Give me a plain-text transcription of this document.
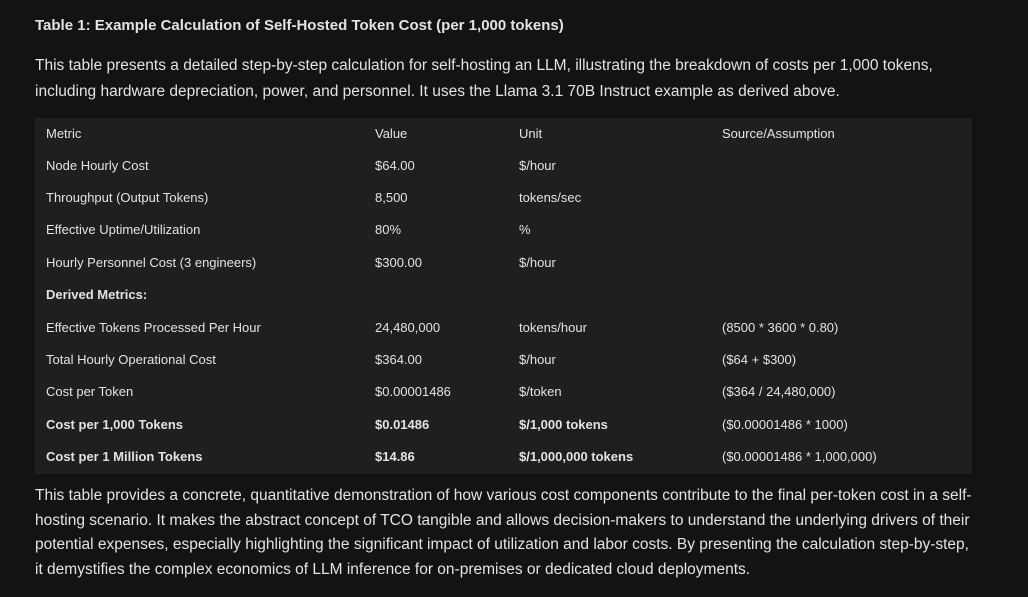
Table 1: Example Calculation of Self-Hosted Token Cost (per 1,000 tokens)

This table presents a detailed step-by-step calculation for self-hosting an LLM, illustrating the breakdown of costs per 1,000 tokens, including hardware depreciation, power, and personnel. It uses the Llama 3.1 70B Instruct example as derived above.

Metric	Value	Unit	Source/Assumption
Node Hourly Cost	$64.00	$/hour	
Throughput (Output Tokens)	8,500	tokens/sec	
Effective Uptime/Utilization	80%	%	
Hourly Personnel Cost (3 engineers)	$300.00	$/hour	
Derived Metrics:			
Effective Tokens Processed Per Hour	24,480,000	tokens/hour	(8500 * 3600 * 0.80)
Total Hourly Operational Cost	$364.00	$/hour	($64 + $300)
Cost per Token	$0.00001486	$/token	($364 / 24,480,000)
Cost per 1,000 Tokens	$0.01486	$/1,000 tokens	($0.00001486 * 1000)
Cost per 1 Million Tokens	$14.86	$/1,000,000 tokens	($0.00001486 * 1,000,000)

This table provides a concrete, quantitative demonstration of how various cost components contribute to the final per-token cost in a self-hosting scenario. It makes the abstract concept of TCO tangible and allows decision-makers to understand the underlying drivers of their potential expenses, especially highlighting the significant impact of utilization and labor costs. By presenting the calculation step-by-step, it demystifies the complex economics of LLM inference for on-premises or dedicated cloud deployments.
